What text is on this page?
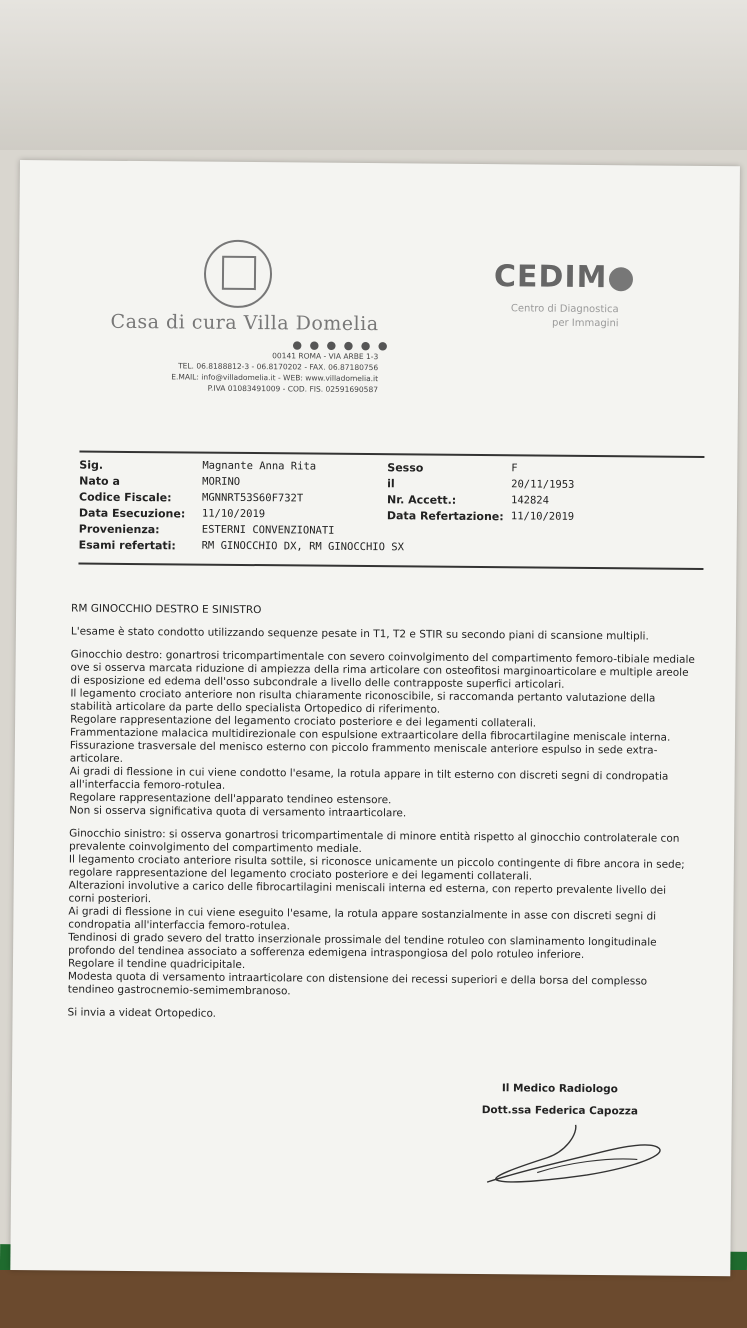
Casa di cura Villa Domelia
● ● ● ● ● ●
00141 ROMA - VIA ARBE 1-3
TEL. 06.8188812-3 - 06.8170202 - FAX. 06.87180756
E.MAIL: info@villadomelia.it - WEB: www.villadomelia.it
P.IVA 01083491009 - COD. FIS. 02591690587
CEDIM
Centro di Diagnostica
per Immagini
Sig.	Magnante Anna Rita	Sesso	F
Nato a	MORINO	il	20/11/1953
Codice Fiscale:	MGNNRT53S60F732T	Nr. Accett.:	142824
Data Esecuzione: 11/10/2019	Data Refertazione: 11/10/2019
Provenienza:	ESTERNI CONVENZIONATI
Esami refertati: RM GINOCCHIO DX, RM GINOCCHIO SX

RM GINOCCHIO DESTRO E SINISTRO

L'esame è stato condotto utilizzando sequenze pesate in T1, T2 e STIR su secondo piani di scansione multipli.

Ginocchio destro: gonartrosi tricompartimentale con severo coinvolgimento del compartimento femoro-tibiale mediale ove si osserva marcata riduzione di ampiezza della rima articolare con osteofitosi marginoarticolare e multiple areole di esposizione ed edema dell'osso subcondrale a livello delle contrapposte superfici articolari.

Il legamento crociato anteriore non risulta chiaramente riconoscibile, si raccomanda pertanto valutazione della stabilità articolare da parte dello specialista Ortopedico di riferimento.

Regolare rappresentazione del legamento crociato posteriore e dei legamenti collaterali.

Frammentazione malacica multidirezionale con espulsione extraarticolare della fibrocartilagine meniscale interna.

Fissurazione trasversale del menisco esterno con piccolo frammento meniscale anteriore espulso in sede extra-articolare.

Ai gradi di flessione in cui viene condotto l'esame, la rotula appare in tilt esterno con discreti segni di condropatia all'interfaccia femoro-rotulea.

Regolare rappresentazione dell'apparato tendineo estensore.

Non si osserva significativa quota di versamento intraarticolare.

Ginocchio sinistro: si osserva gonartrosi tricompartimentale di minore entità rispetto al ginocchio controlaterale con prevalente coinvolgimento del compartimento mediale.

Il legamento crociato anteriore risulta sottile, si riconosce unicamente un piccolo contingente di fibre ancora in sede; regolare rappresentazione del legamento crociato posteriore e dei legamenti collaterali.

Alterazioni involutive a carico delle fibrocartilagini meniscali interna ed esterna, con reperto prevalente livello dei corni posteriori.

Ai gradi di flessione in cui viene eseguito l'esame, la rotula appare sostanzialmente in asse con discreti segni di condropatia all'interfaccia femoro-rotulea.

Tendinosi di grado severo del tratto inserzionale prossimale del tendine rotuleo con slaminamento longitudinale profondo del tendinea associato a sofferenza edemigena intraspongiosa del polo rotuleo inferiore.

Regolare il tendine quadricipitale.

Modesta quota di versamento intraarticolare con distensione dei recessi superiori e della borsa del complesso tendineo gastrocnemio-semimembranoso.

Si invia a videat Ortopedico.

Il Medico Radiologo
Dott.ssa Federica Capozza
